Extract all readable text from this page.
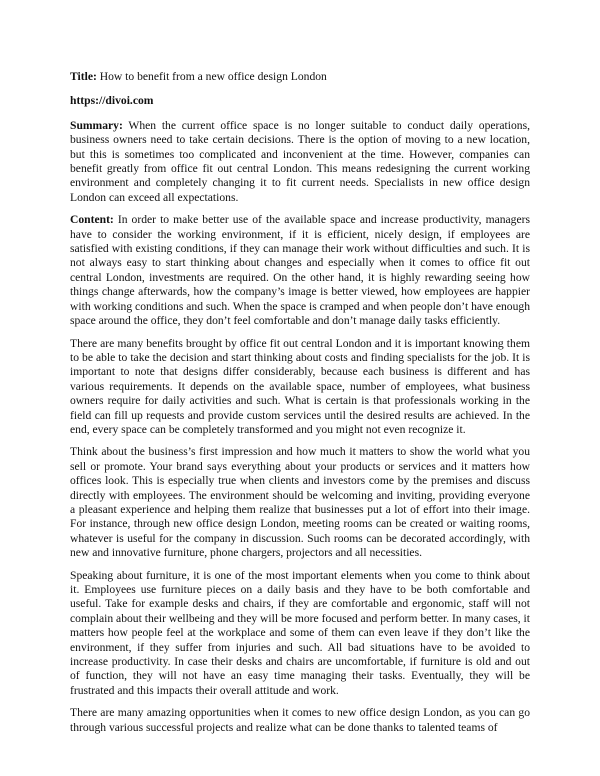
Title: How to benefit from a new office design London

https://divoi.com

Summary: When the current office space is no longer suitable to conduct daily operations, business owners need to take certain decisions. There is the option of moving to a new location, but this is sometimes too complicated and inconvenient at the time. However, companies can benefit greatly from office fit out central London. This means redesigning the current working environment and completely changing it to fit current needs. Specialists in new office design London can exceed all expectations.

Content: In order to make better use of the available space and increase productivity, managers have to consider the working environment, if it is efficient, nicely design, if employees are satisfied with existing conditions, if they can manage their work without difficulties and such. It is not always easy to start thinking about changes and especially when it comes to office fit out central London, investments are required. On the other hand, it is highly rewarding seeing how things change afterwards, how the company’s image is better viewed, how employees are happier with working conditions and such. When the space is cramped and when people don’t have enough space around the office, they don’t feel comfortable and don’t manage daily tasks efficiently.

There are many benefits brought by office fit out central London and it is important knowing them to be able to take the decision and start thinking about costs and finding specialists for the job. It is important to note that designs differ considerably, because each business is different and has various requirements. It depends on the available space, number of employees, what business owners require for daily activities and such. What is certain is that professionals working in the field can fill up requests and provide custom services until the desired results are achieved. In the end, every space can be completely transformed and you might not even recognize it.

Think about the business’s first impression and how much it matters to show the world what you sell or promote. Your brand says everything about your products or services and it matters how offices look. This is especially true when clients and investors come by the premises and discuss directly with employees. The environment should be welcoming and inviting, providing everyone a pleasant experience and helping them realize that businesses put a lot of effort into their image. For instance, through new office design London, meeting rooms can be created or waiting rooms, whatever is useful for the company in discussion. Such rooms can be decorated accordingly, with new and innovative furniture, phone chargers, projectors and all necessities.

Speaking about furniture, it is one of the most important elements when you come to think about it. Employees use furniture pieces on a daily basis and they have to be both comfortable and useful. Take for example desks and chairs, if they are comfortable and ergonomic, staff will not complain about their wellbeing and they will be more focused and perform better. In many cases, it matters how people feel at the workplace and some of them can even leave if they don’t like the environment, if they suffer from injuries and such. All bad situations have to be avoided to increase productivity. In case their desks and chairs are uncomfortable, if furniture is old and out of function, they will not have an easy time managing their tasks. Eventually, they will be frustrated and this impacts their overall attitude and work.

There are many amazing opportunities when it comes to new office design London, as you can go through various successful projects and realize what can be done thanks to talented teams of
